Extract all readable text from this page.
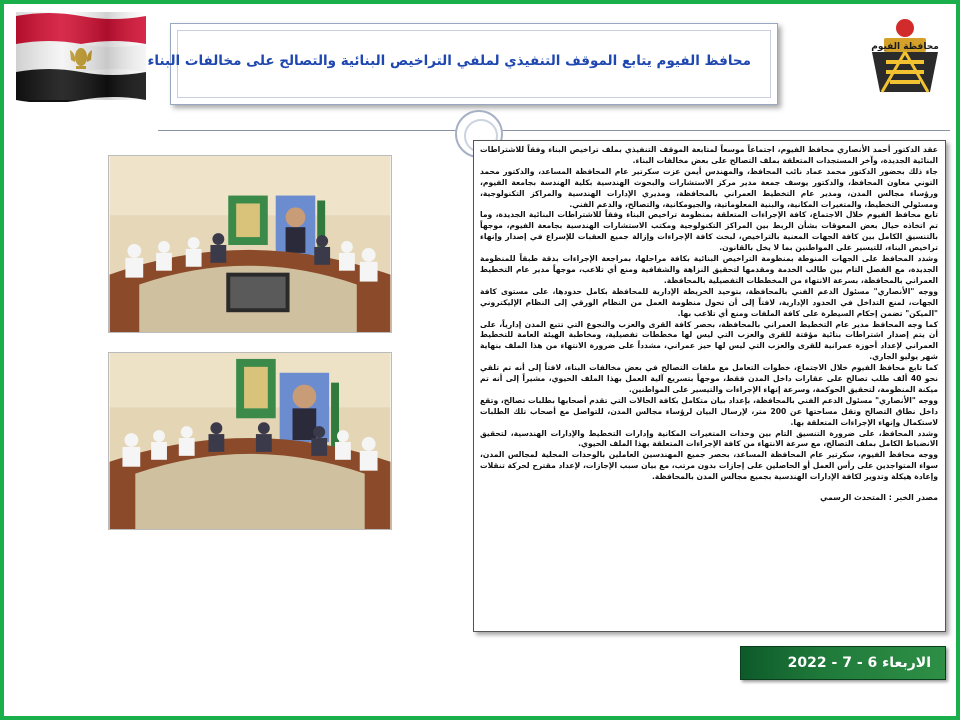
محافظة الفيوم
محافظ الفيوم يتابع الموقف التنفيذي لملفي التراخيص البنائية والتصالح على مخالفات البناء

عقد الدكتور أحمد الأنصاري محافظ الفيوم، اجتماعاً موسعاً لمتابعة الموقف التنفيذي بملف تراخيص البناء وفقاً للاشتراطات البنائية الجديدة، وآخر المستجدات المتعلقة بملف التصالح على بعض مخالفات البناء.

جاء ذلك بحضور الدكتور محمد عماد نائب المحافظ، والمهندس أيمن عزت سكرتير عام المحافظة المساعد، والدكتور محمد التوني معاون المحافظ، والدكتور يوسف جمعة مدير مركز الاستشارات والبحوث الهندسية بكلية الهندسة بجامعة الفيوم، ورؤساء مجالس المدن، ومدير عام التخطيط العمراني بالمحافظة، ومديري الإدارات الهندسية والمراكز التكنولوجية، ومسئولي التخطيط، والمتغيرات المكانية، والبنية المعلوماتية، والجيومكانية، والتصالح، والدعم الفني.

تابع محافظ الفيوم خلال الاجتماع، كافة الإجراءات المتعلقة بمنظومة تراخيص البناء وفقاً للاشتراطات البنائية الجديدة، وما تم اتخاذه حيال بعض المعوقات بشأن الربط بين المراكز التكنولوجية ومكتب الاستشارات الهندسية بجامعة الفيوم، موجهاً بالتنسيق الكامل بين كافة الجهات المعنية بالتراخيص، لبحث كافة الإجراءات وإزالة جميع العقبات للإسراع في إصدار وإنهاء تراخيص البناء، للتيسير على المواطنين بما لا يخل بالقانون.

وشدد المحافظ على الجهات المنوطة بمنظومة التراخيص البنائية بكافة مراحلها، بمراجعة الإجراءات بدقة طبقاً للمنظومة الجديدة، مع الفصل التام بين طالب الخدمة ومقدمها لتحقيق النزاهة والشفافية ومنع أي تلاعب، موجهاً مدير عام التخطيط العمراني بالمحافظة، بسرعة الانتهاء من المخططات التفصيلية بالمحافظة.

ووجه "الأنصاري" مسئول الدعم الفني بالمحافظة، بتوحيد الخريطة الإدارية للمحافظة بكامل حدودها، على مستوى كافة الجهات، لمنع التداخل في الحدود الإدارية، لافتاً إلى أن تحول منظومة العمل من النظام الورقي إلى النظام الإليكتروني "الميكن" تضمن إحكام السيطرة على كافة الملفات ومنع أي تلاعب بها.

كما وجه المحافظ مدير عام التخطيط العمراني بالمحافظة، بحصر كافة القرى والعزب والنجوع التي تتبع المدن إدارياً، على أن يتم إصدار اشتراطات بنائية مؤقتة للقرى والعزب التي ليس لها مخططات تفصيلية، ومخاطبة الهيئة العامة للتخطيط العمراني لإعداد أحوزة عمرانية للقرى والعزب التي ليس لها حيز عمراني، مشدداً على ضرورة الانتهاء من هذا الملف بنهاية شهر يوليو الجاري.

كما تابع محافظ الفيوم خلال الاجتماع، خطوات التعامل مع ملفات التصالح في بعض مخالفات البناء، لافتاً إلى أنه تم تلقي نحو 40 ألف طلب تصالح على عقارات داخل المدن فقط، موجهاً بتسريع آلية العمل بهذا الملف الحيوي، مشيراً إلى أنه تم ميكنة المنظومة، لتحقيق الحوكمة، وسرعة إنهاء الإجراءات والتيسير على المواطنين.

ووجه "الأنصاري" مسئول الدعم الفني بالمحافظة، بإعداد بيان متكامل بكافة الحالات التي تقدم أصحابها بطلبات تصالح، وتقع داخل نطاق التصالح وتقل مساحتها عن 200 متر، لإرسال البيان لرؤساء مجالس المدن، للتواصل مع أصحاب تلك الطلبات لاستكمال وإنهاء الإجراءات المتعلقة بها.

وشدد المحافظ، على ضرورة التنسيق التام بين وحدات المتغيرات المكانية وإدارات التخطيط والإدارات الهندسية، لتحقيق الانضباط الكامل بملف التصالح، مع سرعة الانتهاء من كافة الإجراءات المتعلقة بهذا الملف الحيوي.

ووجه محافظ الفيوم، سكرتير عام المحافظة المساعد، بحصر جميع المهندسين العاملين بالوحدات المحلية لمجالس المدن، سواء المتواجدين على رأس العمل أو الحاصلين على إجازات بدون مرتب، مع بيان سبب الإجازات، لإعداد مقترح لحركة تنقلات وإعادة هيكلة وتدوير لكافة الإدارات الهندسية بجميع مجالس المدن بالمحافظة.

مصدر الخبر : المتحدث الرسمي
الاربعاء 6 - 7 - 2022
